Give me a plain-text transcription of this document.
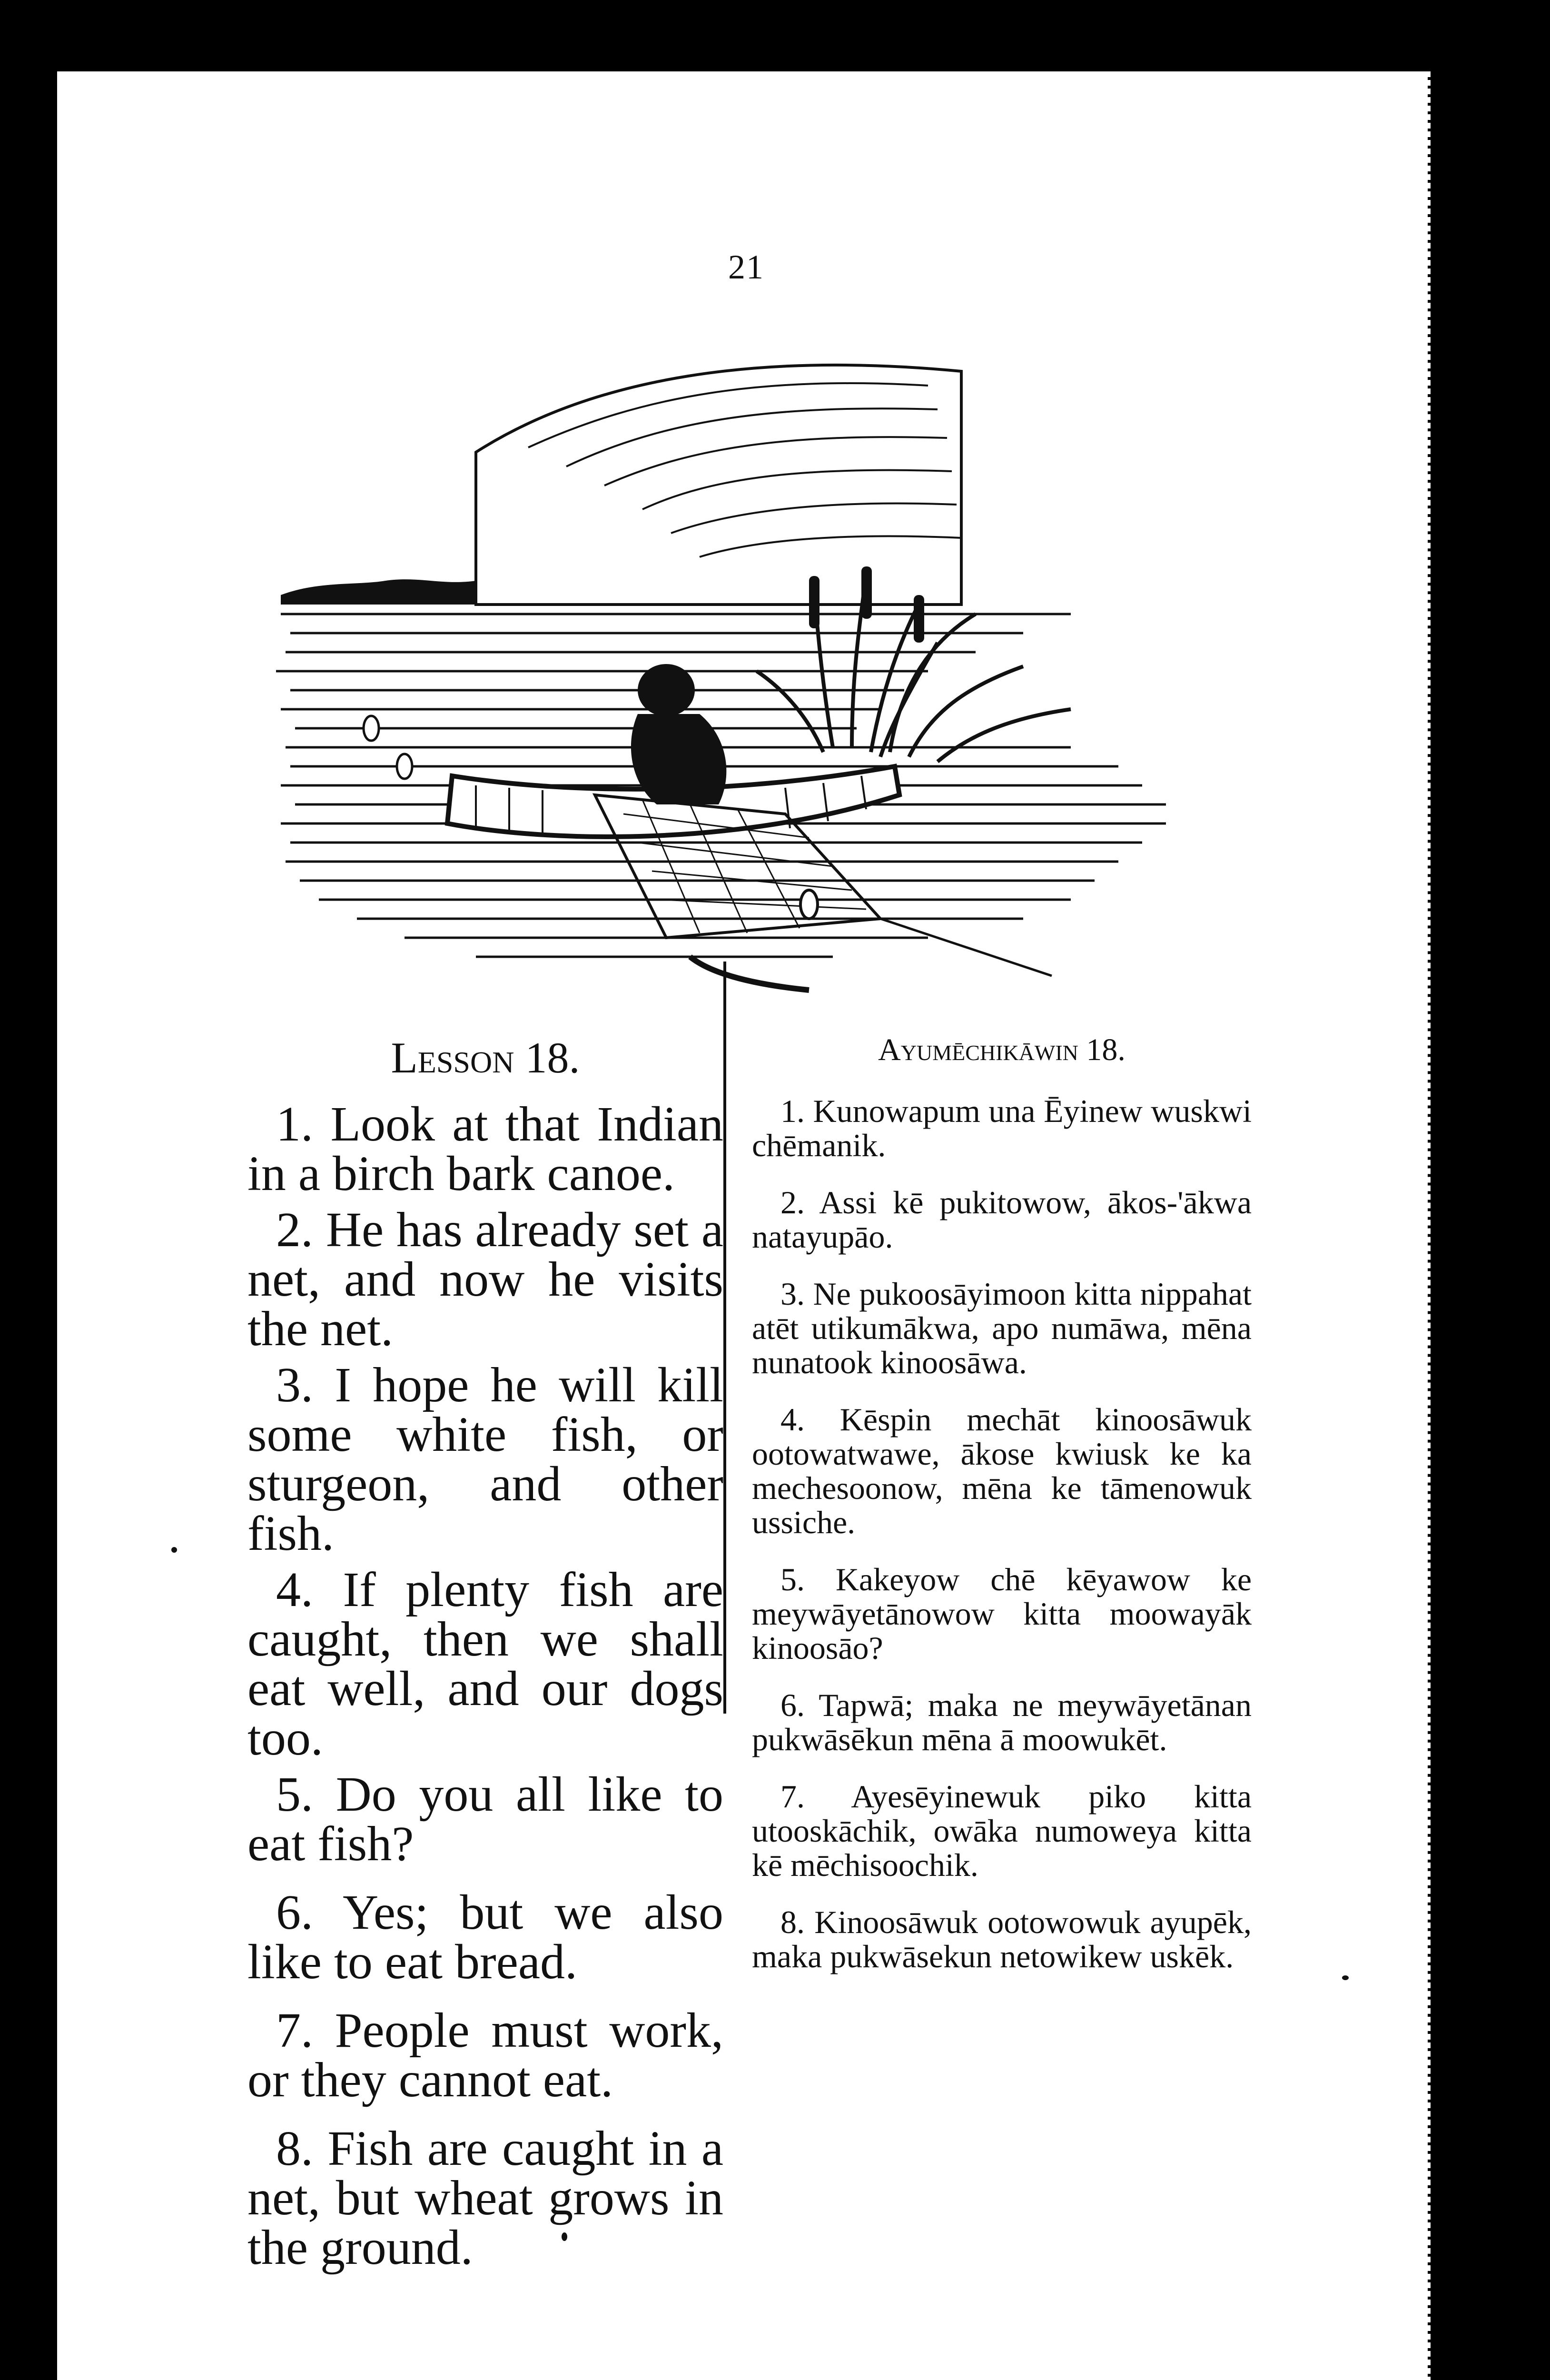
21
Lesson 18.

1. Look at that Indian in a birch bark canoe.

2. He has already set a net, and now he visits the net.

3. I hope he will kill some white fish, or sturgeon, and other fish.

4. If plenty fish are caught, then we shall eat well, and our dogs too.

5. Do you all like to eat fish?

6. Yes; but we also like to eat bread.

7. People must work, or they cannot eat.

8. Fish are caught in a net, but wheat grows in the ground.

Ayumēchikāwin 18.

1. Kunowapum una Ēyinew wuskwi chēmanik.

2. Assi kē pukitowow, ākos-'ākwa natayupāo.

3. Ne pukoosāyimoon kitta nippahat atēt utikumākwa, apo numāwa, mēna nunatook kinoosāwa.

4. Kēspin mechāt kinoosāwuk ootowatwawe, ākose kwiusk ke ka mechesoonow, mēna ke tāmenowuk ussiche.

5. Kakeyow chē kēyawow ke meywāyetānowow kitta moowayāk kinoosāo?

6. Tapwā; maka ne meywāyetānan pukwāsēkun mēna ā moowukēt.

7. Ayesēyinewuk piko kitta utooskāchik, owāka numoweya kitta kē mēchisoochik.

8. Kinoosāwuk ootowowuk ayupēk, maka pukwāsekun netowikew uskēk.
